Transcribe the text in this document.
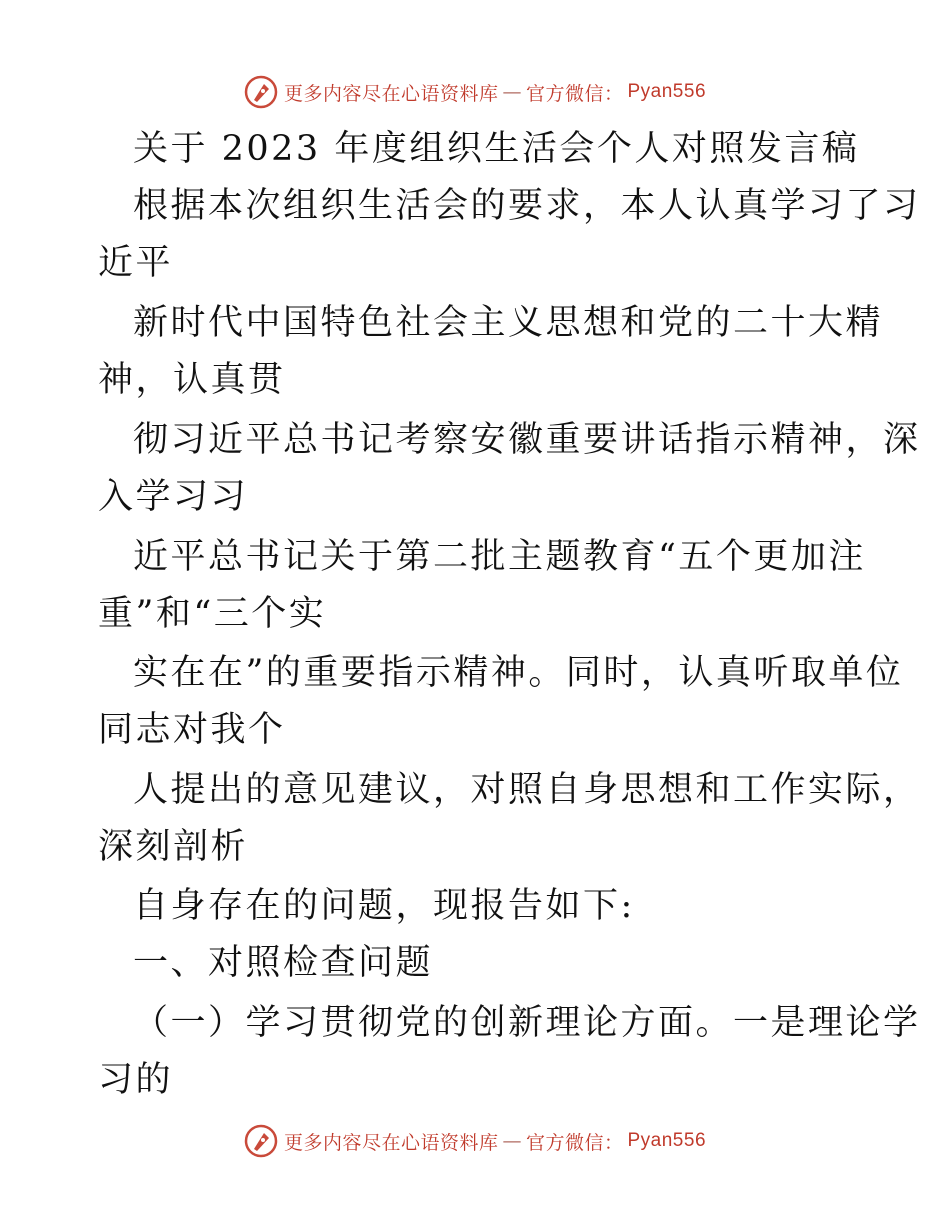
更多内容尽在心语资料库 — 官方微信： Pyan556
关于 2023 年度组织生活会个人对照发言稿
根据本次组织生活会的要求，本人认真学习了习
近平
新时代中国特色社会主义思想和党的二十大精
神，认真贯
彻习近平总书记考察安徽重要讲话指示精神，深
入学习习
近平总书记关于第二批主题教育“五个更加注
重”和“三个实
实在在”的重要指示精神。同时，认真听取单位
同志对我个
人提出的意见建议，对照自身思想和工作实际，
深刻剖析
自身存在的问题，现报告如下:
一、对照检查问题
（一）学习贯彻党的创新理论方面。一是理论学
习的
更多内容尽在心语资料库 — 官方微信： Pyan556
